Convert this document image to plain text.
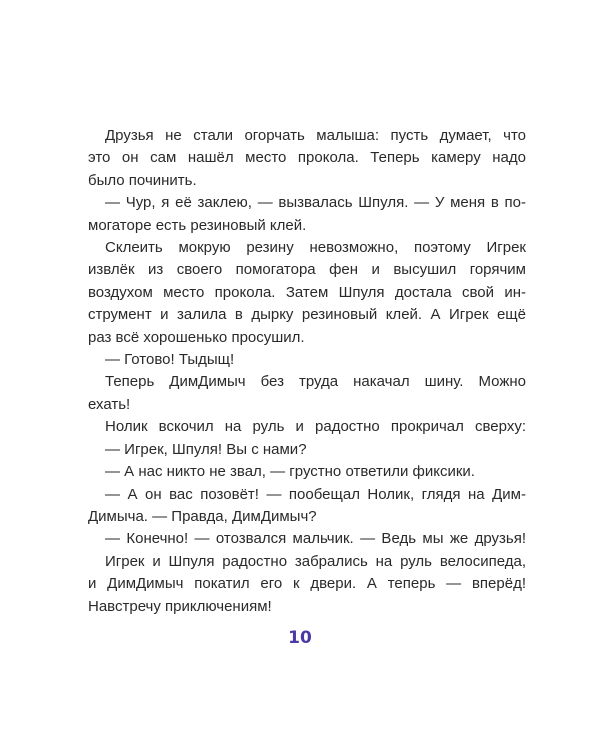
Друзья не стали огорчать малыша: пусть думает, что
это он сам нашёл место прокола. Теперь камеру надо
было починить.
— Чур, я её заклею, — вызвалась Шпуля. — У меня в по-
могаторе есть резиновый клей.
Склеить мокрую резину невозможно, поэтому Игрек
извлёк из своего помогатора фен и высушил горячим
воздухом место прокола. Затем Шпуля достала свой ин-
струмент и залила в дырку резиновый клей. А Игрек ещё
раз всё хорошенько просушил.
— Готово! Тыдыщ!
Теперь ДимДимыч без труда накачал шину. Можно
ехать!
Нолик вскочил на руль и радостно прокричал сверху:
— Игрек, Шпуля! Вы с нами?
— А нас никто не звал, — грустно ответили фиксики.
— А он вас позовёт! — пообещал Нолик, глядя на Дим-
Димыча. — Правда, ДимДимыч?
— Конечно! — отозвался мальчик. — Ведь мы же друзья!
Игрек и Шпуля радостно забрались на руль велосипеда,
и ДимДимыч покатил его к двери. А теперь — вперёд!
Навстречу приключениям!
10
